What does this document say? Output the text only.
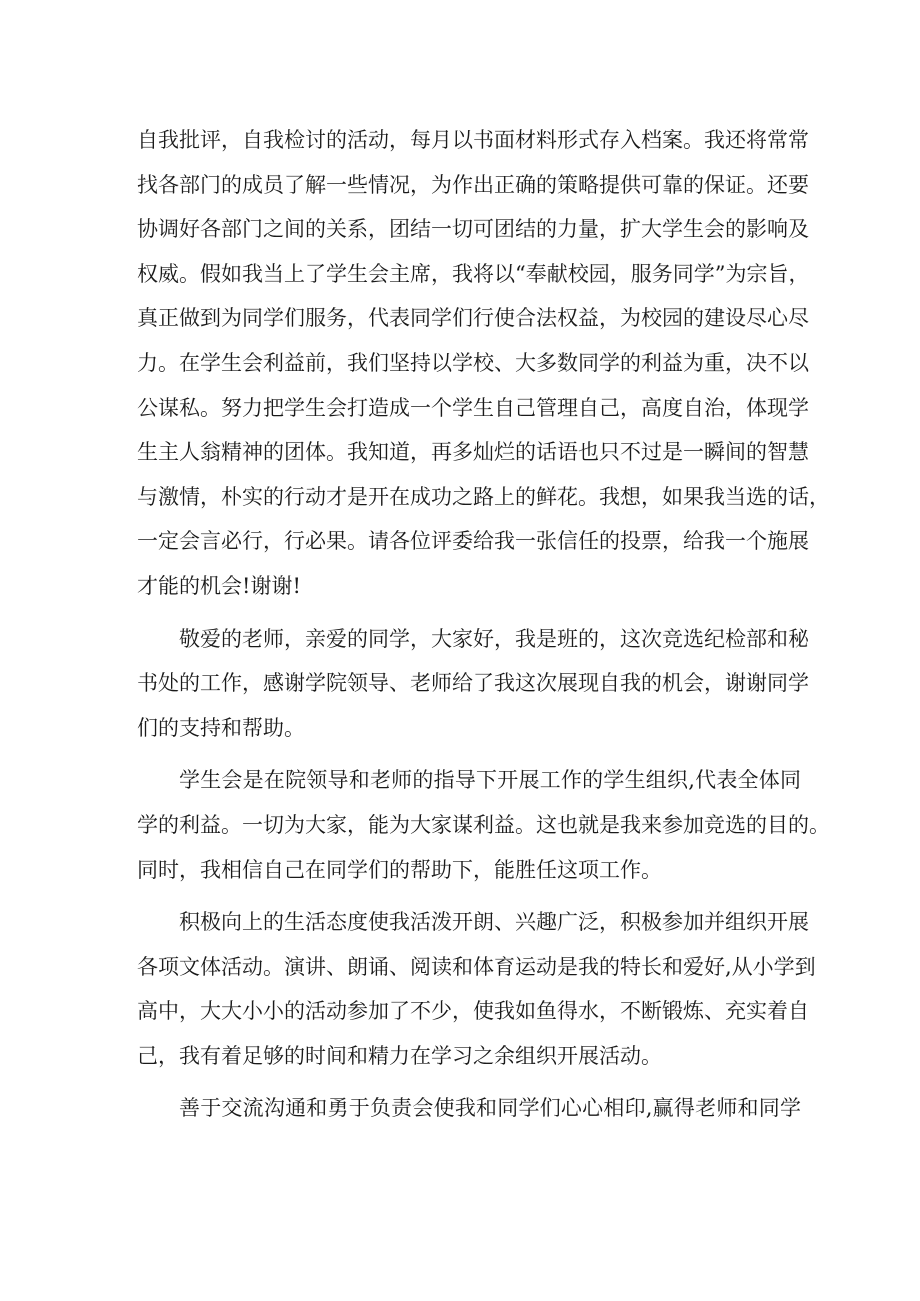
自我批评，自我检讨的活动，每月以书面材料形式存入档案。我还将常常
找各部门的成员了解一些情况，为作出正确的策略提供可靠的保证。还要
协调好各部门之间的关系，团结一切可团结的力量，扩大学生会的影响及
权威。假如我当上了学生会主席，我将以“奉献校园，服务同学”为宗旨，
真正做到为同学们服务，代表同学们行使合法权益，为校园的建设尽心尽
力。在学生会利益前，我们坚持以学校、大多数同学的利益为重，决不以
公谋私。努力把学生会打造成一个学生自己管理自己，高度自治，体现学
生主人翁精神的团体。我知道，再多灿烂的话语也只不过是一瞬间的智慧
与激情，朴实的行动才是开在成功之路上的鲜花。我想，如果我当选的话，
一定会言必行，行必果。请各位评委给我一张信任的投票，给我一个施展
才能的机会!谢谢!
敬爱的老师，亲爱的同学，大家好，我是班的，这次竞选纪检部和秘
书处的工作，感谢学院领导、老师给了我这次展现自我的机会，谢谢同学
们的支持和帮助。
学生会是在院领导和老师的指导下开展工作的学生组织,代表全体同
学的利益。一切为大家，能为大家谋利益。这也就是我来参加竞选的目的。
同时，我相信自己在同学们的帮助下，能胜任这项工作。
积极向上的生活态度使我活泼开朗、兴趣广泛，积极参加并组织开展
各项文体活动。演讲、朗诵、阅读和体育运动是我的特长和爱好,从小学到
高中，大大小小的活动参加了不少，使我如鱼得水，不断锻炼、充实着自
己，我有着足够的时间和精力在学习之余组织开展活动。
善于交流沟通和勇于负责会使我和同学们心心相印,赢得老师和同学
